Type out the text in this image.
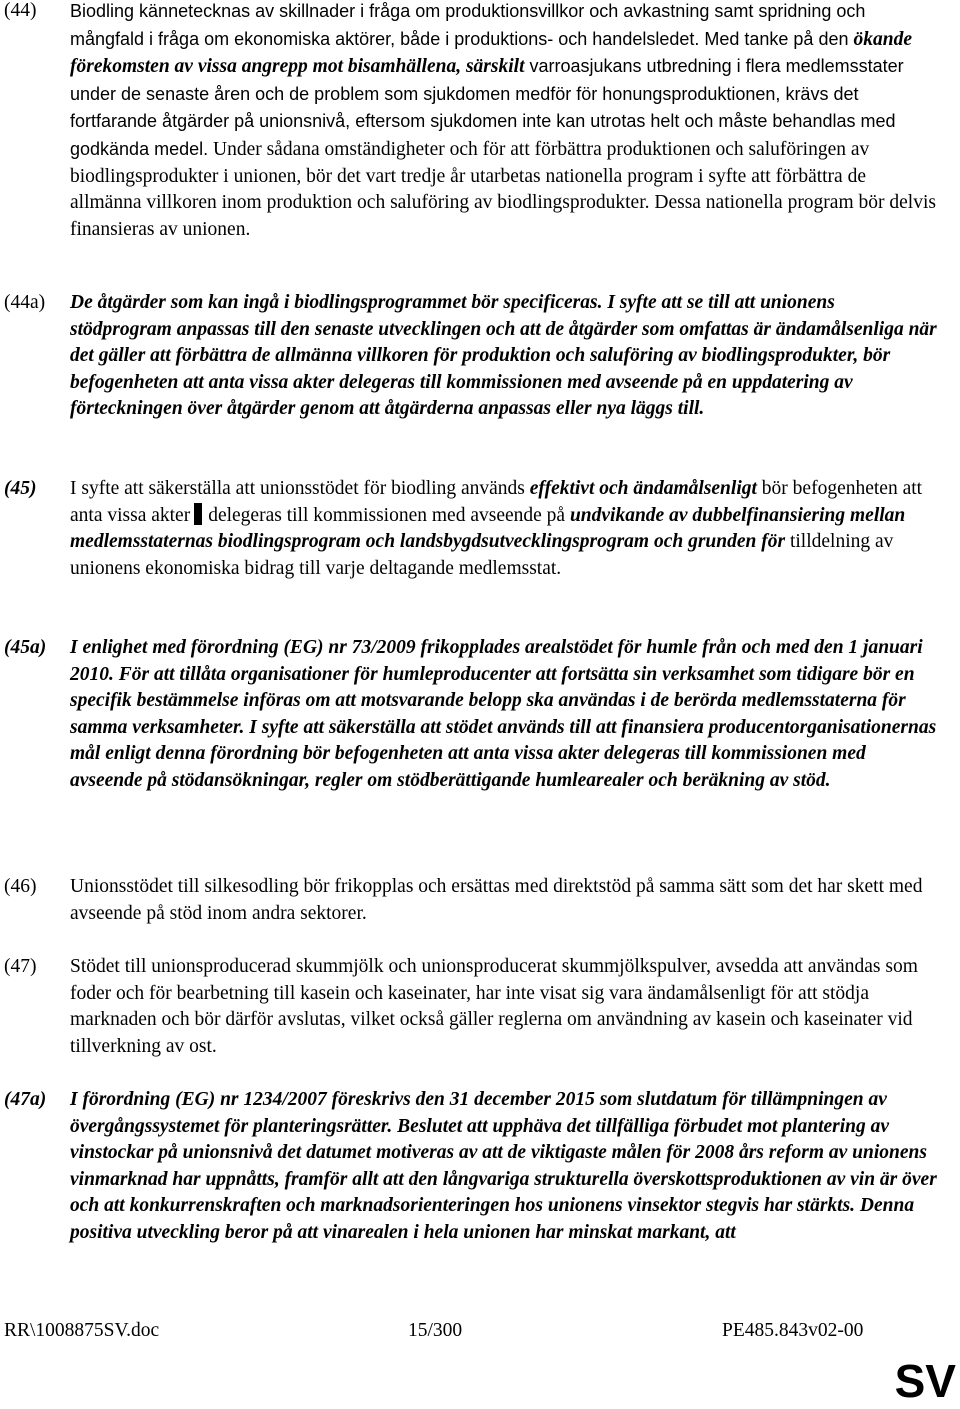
(44) Biodling kännetecknas av skillnader i fråga om produktionsvillkor och avkastning samt spridning och mångfald i fråga om ekonomiska aktörer, både i produktions- och handelsledet. Med tanke på den ökande förekomsten av vissa angrepp mot bisamhällena, särskilt varroasjukans utbredning i flera medlemsstater under de senaste åren och de problem som sjukdomen medför för honungsproduktionen, krävs det fortfarande åtgärder på unionsnivå, eftersom sjukdomen inte kan utrotas helt och måste behandlas med godkända medel. Under sådana omständigheter och för att förbättra produktionen och saluföringen av biodlingsprodukter i unionen, bör det vart tredje år utarbetas nationella program i syfte att förbättra de allmänna villkoren inom produktion och saluföring av biodlingsprodukter. Dessa nationella program bör delvis finansieras av unionen.
(44a) De åtgärder som kan ingå i biodlingsprogrammet bör specificeras. I syfte att se till att unionens stödprogram anpassas till den senaste utvecklingen och att de åtgärder som omfattas är ändamålsenliga när det gäller att förbättra de allmänna villkoren för produktion och saluföring av biodlingsprodukter, bör befogenheten att anta vissa akter delegeras till kommissionen med avseende på en uppdatering av förteckningen över åtgärder genom att åtgärderna anpassas eller nya läggs till.
(45) I syfte att säkerställa att unionsstödet för biodling används effektivt och ändamålsenligt bör befogenheten att anta vissa akter delegeras till kommissionen med avseende på undvikande av dubbelfinansiering mellan medlemsstaternas biodlingsprogram och landsbygdsutvecklingsprogram och grunden för tilldelning av unionens ekonomiska bidrag till varje deltagande medlemsstat.
(45a) I enlighet med förordning (EG) nr 73/2009 frikopplades arealstödet för humle från och med den 1 januari 2010. För att tillåta organisationer för humleproducenter att fortsätta sin verksamhet som tidigare bör en specifik bestämmelse införas om att motsvarande belopp ska användas i de berörda medlemsstaterna för samma verksamheter. I syfte att säkerställa att stödet används till att finansiera producentorganisationernas mål enligt denna förordning bör befogenheten att anta vissa akter delegeras till kommissionen med avseende på stödansökningar, regler om stödberättigande humlearealer och beräkning av stöd.
(46) Unionsstödet till silkesodling bör frikopplas och ersättas med direktstöd på samma sätt som det har skett med avseende på stöd inom andra sektorer.
(47) Stödet till unionsproducerad skummjölk och unionsproducerat skummjölkspulver, avsedda att användas som foder och för bearbetning till kasein och kaseinater, har inte visat sig vara ändamålsenligt för att stödja marknaden och bör därför avslutas, vilket också gäller reglerna om användning av kasein och kaseinater vid tillverkning av ost.
(47a) I förordning (EG) nr 1234/2007 föreskrivs den 31 december 2015 som slutdatum för tillämpningen av övergångssystemet för planteringsrätter. Beslutet att upphäva det tillfälliga förbudet mot plantering av vinstockar på unionsnivå det datumet motiveras av att de viktigaste målen för 2008 års reform av unionens vinmarknad har uppnåtts, framför allt att den långvariga strukturella överskottsproduktionen av vin är över och att konkurrenskraften och marknadsorienteringen hos unionens vinsektor stegvis har stärkts. Denna positiva utveckling beror på att vinarealen i hela unionen har minskat markant, att
RR\1008875SV.doc	15/300	PE485.843v02-00
SV
